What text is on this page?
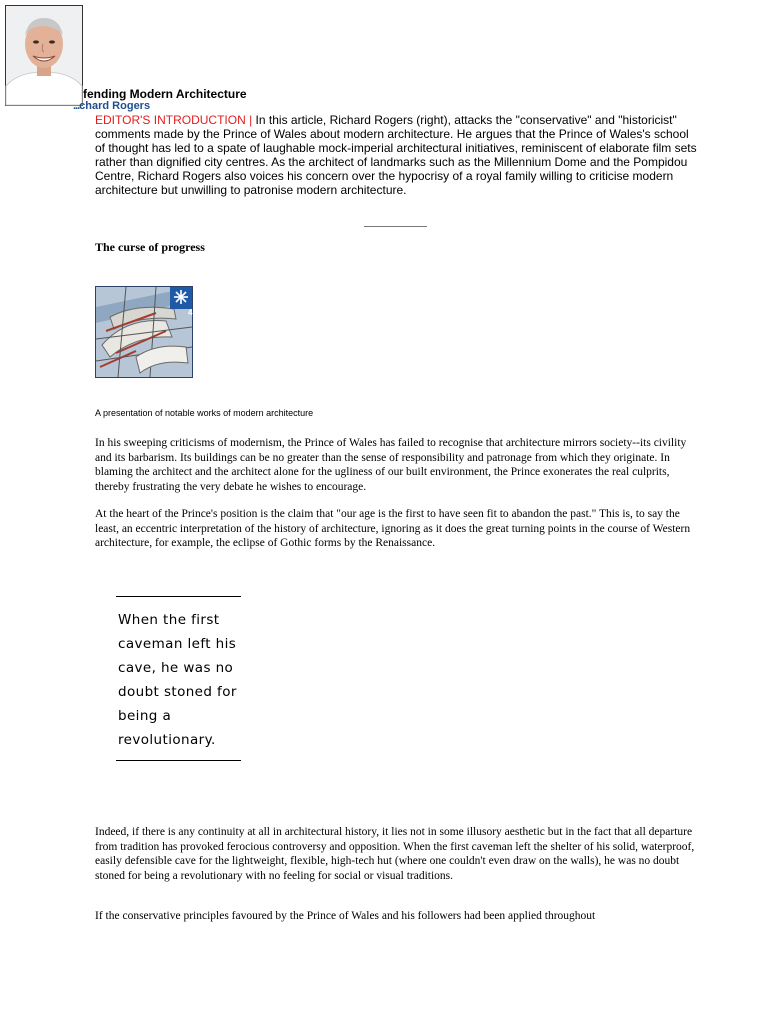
fending Modern Architecture
...chard Rogers
EDITOR'S INTRODUCTION | In this article, Richard Rogers (right), attacks the "conservative" and "historicist" comments made by the Prince of Wales about modern architecture. He argues that the Prince of Wales's school of thought has led to a spate of laughable mock-imperial architectural initiatives, reminiscent of elaborate film sets rather than dignified city centres. As the architect of landmarks such as the Millennium Dome and the Pompidou Centre, Richard Rogers also voices his concern over the hypocrisy of a royal family willing to criticise modern architecture but unwilling to patronise modern architecture.
The curse of progress
4
A presentation of notable works of modern architecture
In his sweeping criticisms of modernism, the Prince of Wales has failed to recognise that architecture mirrors society--its civility and its barbarism. Its buildings can be no greater than the sense of responsibility and patronage from which they originate. In blaming the architect and the architect alone for the ugliness of our built environment, the Prince exonerates the real culprits, thereby frustrating the very debate he wishes to encourage.
At the heart of the Prince's position is the claim that "our age is the first to have seen fit to abandon the past." This is, to say the least, an eccentric interpretation of the history of architecture, ignoring as it does the great turning points in the course of Western architecture, for example, the eclipse of Gothic forms by the Renaissance.
When the first caveman left his cave, he was no doubt stoned for being a revolutionary.
Indeed, if there is any continuity at all in architectural history, it lies not in some illusory aesthetic but in the fact that all departure from tradition has provoked ferocious controversy and opposition. When the first caveman left the shelter of his solid, waterproof, easily defensible cave for the lightweight, flexible, high-tech hut (where one couldn't even draw on the walls), he was no doubt stoned for being a revolutionary with no feeling for social or visual traditions.
If the conservative principles favoured by the Prince of Wales and his followers had been applied throughout
